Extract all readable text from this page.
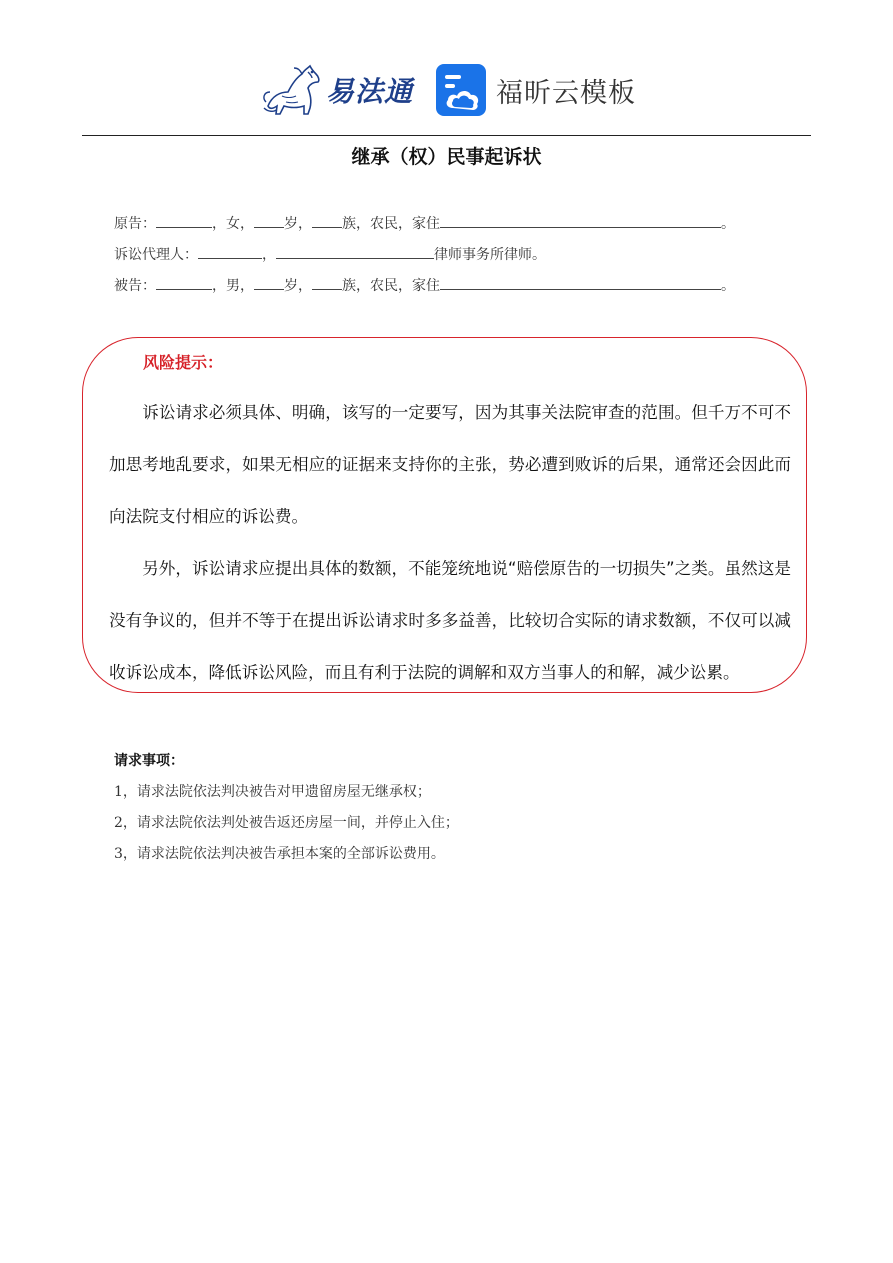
易法通	福昕云模板
继承（权）民事起诉状
原告：	，女， 岁， 族，农民，家住	。
诉讼代理人：	，	律师事务所律师。
被告：	，男， 岁， 族，农民，家住	。
风险提示：

诉讼请求必须具体、明确，该写的一定要写，因为其事关法院审查的范围。但千万不可不加思考地乱要求，如果无相应的证据来支持你的主张，势必遭到败诉的后果，通常还会因此而向法院支付相应的诉讼费。

另外，诉讼请求应提出具体的数额，不能笼统地说“赔偿原告的一切损失”之类。虽然这是没有争议的，但并不等于在提出诉讼请求时多多益善，比较切合实际的请求数额，不仅可以减收诉讼成本，降低诉讼风险，而且有利于法院的调解和双方当事人的和解，减少讼累。

请求事项：
1，请求法院依法判决被告对甲遗留房屋无继承权；
2，请求法院依法判处被告返还房屋一间，并停止入住；
3，请求法院依法判决被告承担本案的全部诉讼费用。
